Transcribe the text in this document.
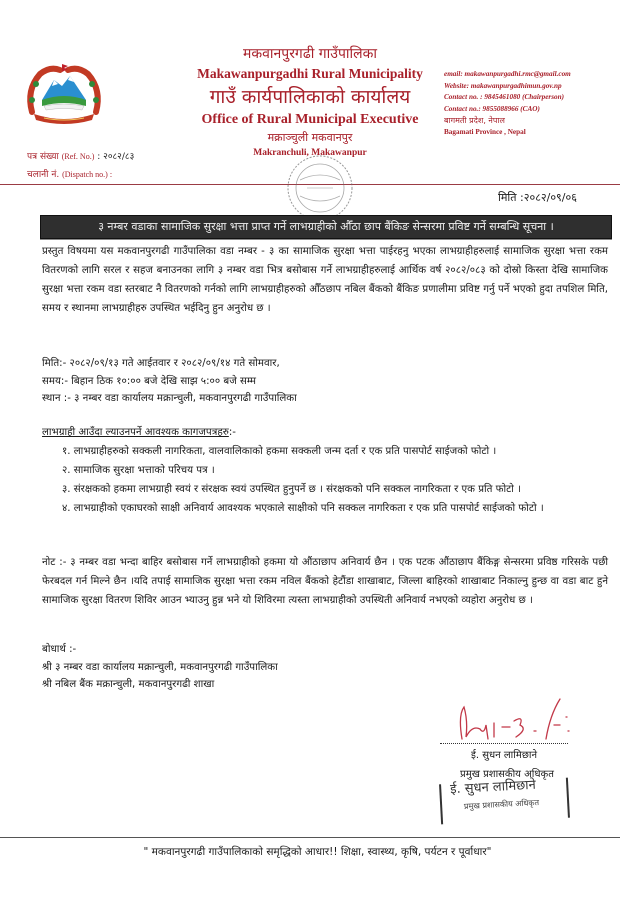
मकवानपुरगढी गाउँपालिका
Makawanpurgadhi Rural Municipality
गाउँ कार्यपालिकाको कार्यालय
Office of Rural Municipal Executive
मक्राञ्चुली मकवानपुर
Makranchuli, Makawanpur
email: makawanpurgadhi.rmc@gmail.com
Website: makawanpurgadhimun.gov.np
Contact no. : 9845461080 (Chairperson)
Contact no.: 9855088966 (CAO)
बागमती प्रदेश, नेपाल
Bagamati Province , Nepal
पत्र संख्या (Ref. No.) : २०८२/८३
चलानी नं. (Dispatch no.) :
मिति :२०८२/०९/०६
३ नम्बर वडाका सामाजिक सुरक्षा भत्ता प्राप्त गर्ने लाभग्राहीको औँठा छाप बैंकिङ सेन्सरमा प्रविष्ट गर्ने सम्बन्धि सूचना ।
प्रस्तुत विषयमा यस मकवानपुरगढी गाउँपालिका वडा नम्बर - ३ का सामाजिक सुरक्षा भत्ता पाईरहनु भएका लाभग्राहीहरुलाई सामाजिक सुरक्षा भत्ता रकम वितरणको लागि सरल र सहज बनाउनका लागि ३ नम्बर वडा भित्र बसोबास गर्ने लाभग्राहीहरुलाई आर्थिक वर्ष २०८२/०८३ को दोस्रो किस्ता देखि सामाजिक सुरक्षा भत्ता रकम वडा स्तरबाट नै वितरणको गर्नको लागि लाभग्राहीहरुको औँठछाप नबिल बैंकको बैंकिङ प्रणालीमा प्रविष्ट गर्नु पर्ने भएको हुदा तपशिल मिति, समय र स्थानमा लाभग्राहीहरु उपस्थित भईदिनु हुन अनुरोध छ ।
मिति:- २०८२/०९/१३ गते आईतवार र २०८२/०९/१४ गते सोमवार,
समय:- बिहान ठिक १०:०० बजे देखि साझ ५:०० बजे सम्म
स्थान :- ३ नम्बर वडा कार्यालय मक्रान्चुली, मकवानपुरगढी गाउँपालिका
लाभग्राही आउँदा ल्याउनपर्ने आवश्यक कागजपत्रहरु:-

१. लाभग्राहीहरुको सक्कली नागरिकता, वालवालिकाको हकमा सक्कली जन्म दर्ता र एक प्रति पासपोर्ट साईजको फोटो ।

२. सामाजिक सुरक्षा भत्ताको परिचय पत्र ।

३. संरक्षकको हकमा लाभग्राही स्वयं र संरक्षक स्वयं उपस्थित हुनुपर्ने छ । संरक्षकको पनि सक्कल नागरिकता र एक प्रति फोटो ।

४. लाभग्राहीको एकाघरको साक्षी अनिवार्य आवश्यक भएकाले साक्षीको पनि सक्कल नागरिकता र एक प्रति पासपोर्ट साईजको फोटो ।

नोट :- ३ नम्बर वडा भन्दा बाहिर बसोबास गर्ने लाभग्राहीको हकमा यो औंठाछाप अनिवार्य छैन । एक पटक औंठाछाप बैंकिङ्ग सेन्सरमा प्रविष्ठ गरिसके पछी फेरबदल गर्न मिल्ने छैन ।यदि तपाई सामाजिक सुरक्षा भत्ता रकम नविल बैंकको हेटौंडा शाखाबाट, जिल्ला बाहिरको शाखाबाट निकाल्नु हुन्छ वा वडा बाट हुने सामाजिक सुरक्षा वितरण शिविर आउन भ्याउनु हुन्न भने यो शिविरमा त्यस्ता लाभग्राहीको उपस्थिती अनिवार्य नभएको व्यहोरा अनुरोध छ ।
बोधार्थ :-
श्री ३ नम्बर वडा कार्यालय मक्रान्चुली, मकवानपुरगढी गाउँपालिका
श्री नबिल बैंक मक्रान्चुली, मकवानपुरगढी शाखा
ई. सुधन लामिछाने
प्रमुख प्रशासकीय अधिकृत
ई. सुधन लामिछाने
प्रमुख प्रशासकीय अधिकृत
" मकवानपुरगढी गाउँपालिकाको समृद्धिको आधार!! शिक्षा, स्वास्थ्य, कृषि, पर्यटन र पूर्वाधार"
